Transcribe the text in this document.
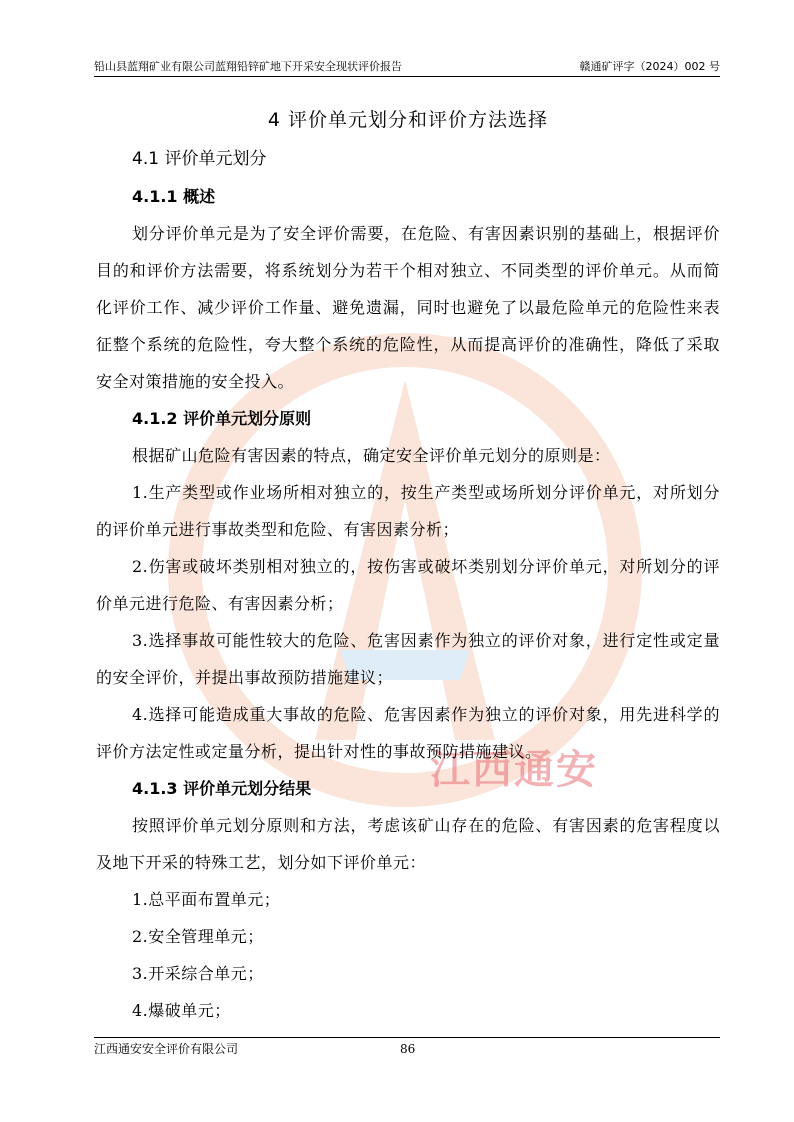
铅山县蓝翔矿业有限公司蓝翔铅锌矿地下开采安全现状评价报告	赣通矿评字（2024）002 号
江西通安
4 评价单元划分和评价方法选择
4.1 评价单元划分
4.1.1 概述

划分评价单元是为了安全评价需要，在危险、有害因素识别的基础上，根据评价目的和评价方法需要，将系统划分为若干个相对独立、不同类型的评价单元。从而简化评价工作、减少评价工作量、避免遗漏，同时也避免了以最危险单元的危险性来表征整个系统的危险性，夸大整个系统的危险性，从而提高评价的准确性，降低了采取安全对策措施的安全投入。

4.1.2 评价单元划分原则

根据矿山危险有害因素的特点，确定安全评价单元划分的原则是：

1.生产类型或作业场所相对独立的，按生产类型或场所划分评价单元，对所划分的评价单元进行事故类型和危险、有害因素分析；

2.伤害或破坏类别相对独立的，按伤害或破坏类别划分评价单元，对所划分的评价单元进行危险、有害因素分析；

3.选择事故可能性较大的危险、危害因素作为独立的评价对象，进行定性或定量的安全评价，并提出事故预防措施建议；

4.选择可能造成重大事故的危险、危害因素作为独立的评价对象，用先进科学的评价方法定性或定量分析，提出针对性的事故预防措施建议。

4.1.3 评价单元划分结果

按照评价单元划分原则和方法，考虑该矿山存在的危险、有害因素的危害程度以及地下开采的特殊工艺，划分如下评价单元：

1.总平面布置单元；

2.安全管理单元；

3.开采综合单元；

4.爆破单元；

江西通安安全评价有限公司	86
